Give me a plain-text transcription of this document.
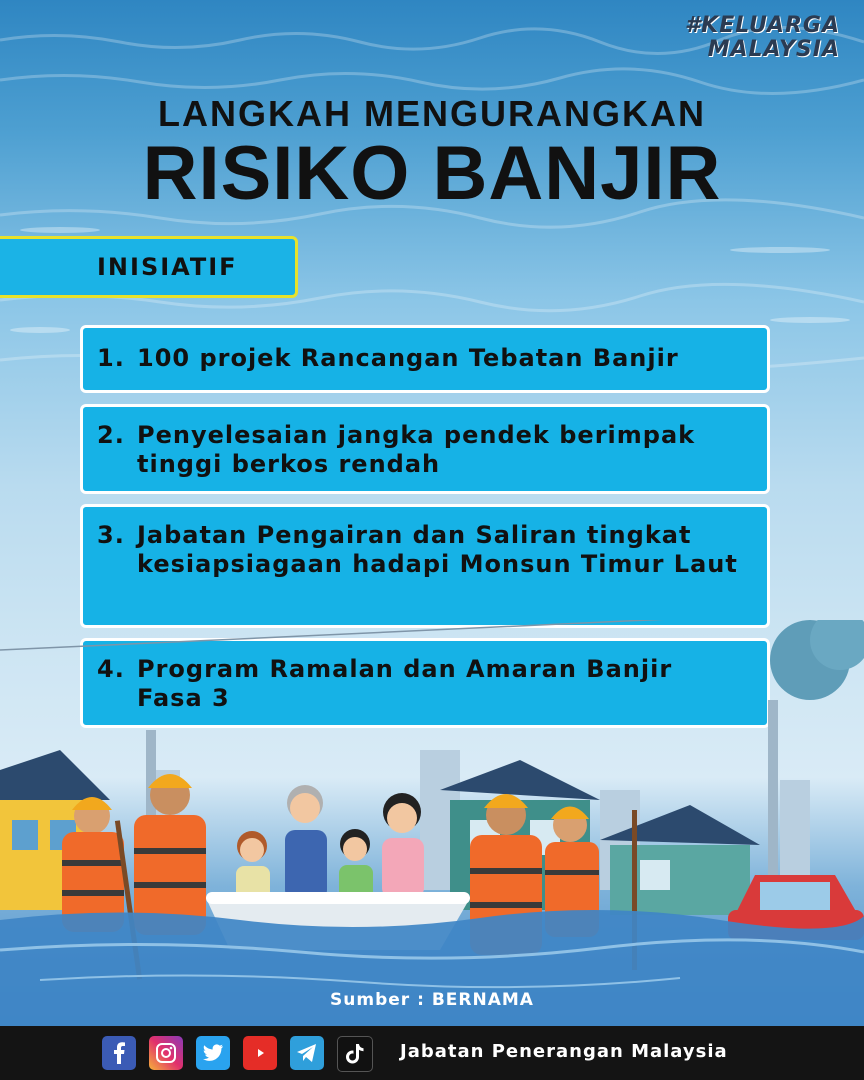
#KELUARGA
MALAYSIA
LANGKAH MENGURANGKAN
RISIKO BANJIR
INISIATIF
1. 100 projek Rancangan Tebatan Banjir
2. Penyelesaian jangka pendek berimpak tinggi berkos rendah
3. Jabatan Pengairan dan Saliran tingkat kesiapsiagaan hadapi Monsun Timur Laut
4. Program Ramalan dan Amaran Banjir Fasa 3
Sumber : BERNAMA
Jabatan Penerangan Malaysia
